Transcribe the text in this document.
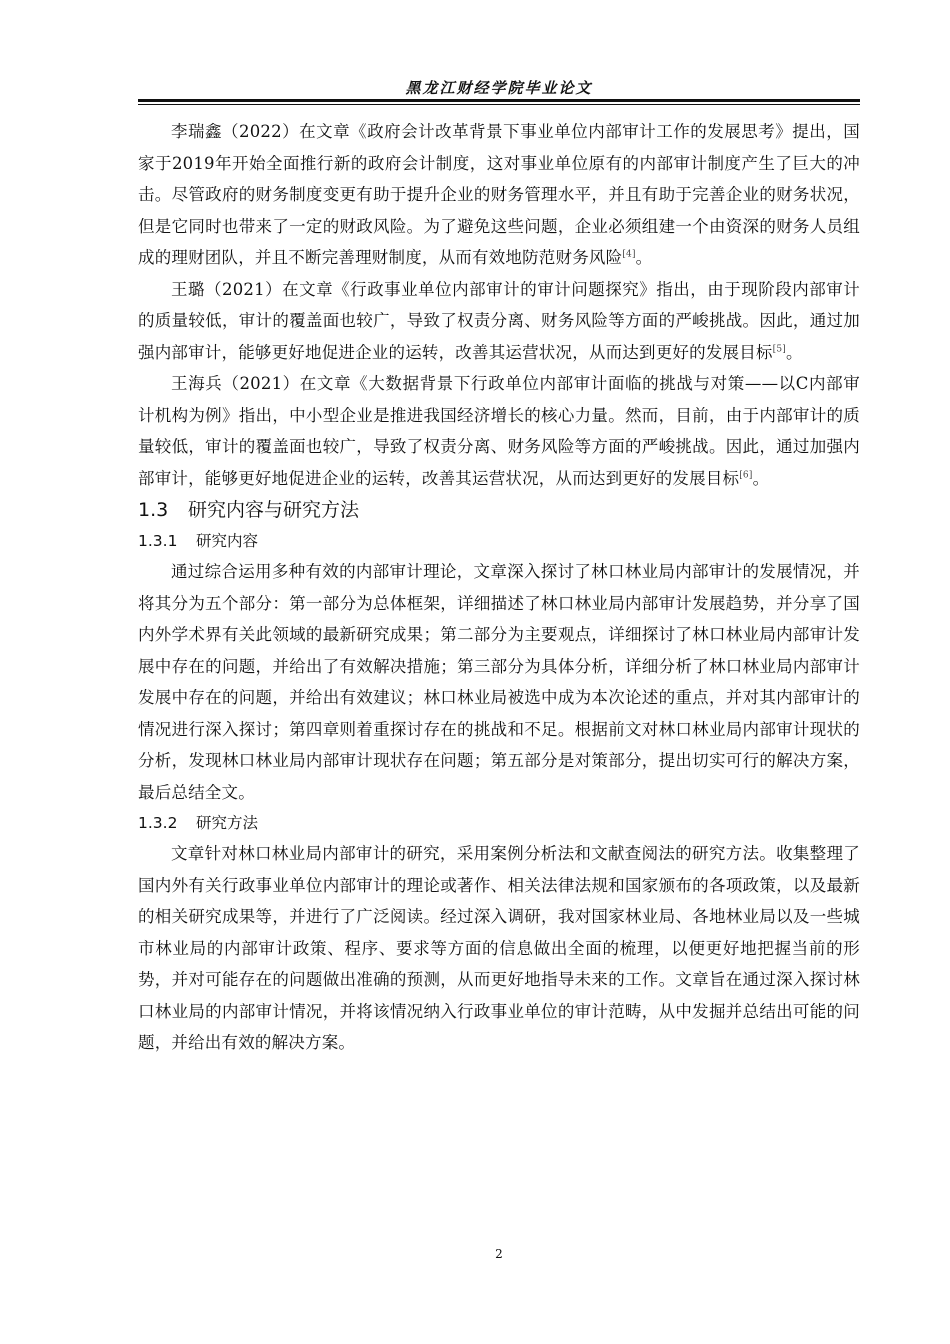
黑龙江财经学院毕业论文

李瑞鑫（2022）在文章《政府会计改革背景下事业单位内部审计工作的发展思考》提出，国家于2019年开始全面推行新的政府会计制度，这对事业单位原有的内部审计制度产生了巨大的冲击。尽管政府的财务制度变更有助于提升企业的财务管理水平，并且有助于完善企业的财务状况，但是它同时也带来了一定的财政风险。为了避免这些问题，企业必须组建一个由资深的财务人员组成的理财团队，并且不断完善理财制度，从而有效地防范财务风险[4]。

王璐（2021）在文章《行政事业单位内部审计的审计问题探究》指出，由于现阶段内部审计的质量较低，审计的覆盖面也较广，导致了权责分离、财务风险等方面的严峻挑战。因此，通过加强内部审计，能够更好地促进企业的运转，改善其运营状况，从而达到更好的发展目标[5]。

王海兵（2021）在文章《大数据背景下行政单位内部审计面临的挑战与对策——以C内部审计机构为例》指出，中小型企业是推进我国经济增长的核心力量。然而，目前，由于内部审计的质量较低，审计的覆盖面也较广，导致了权责分离、财务风险等方面的严峻挑战。因此，通过加强内部审计，能够更好地促进企业的运转，改善其运营状况，从而达到更好的发展目标[6]。

1.3 研究内容与研究方法
1.3.1 研究内容

通过综合运用多种有效的内部审计理论，文章深入探讨了林口林业局内部审计的发展情况，并将其分为五个部分：第一部分为总体框架，详细描述了林口林业局内部审计发展趋势，并分享了国内外学术界有关此领域的最新研究成果；第二部分为主要观点，详细探讨了林口林业局内部审计发展中存在的问题，并给出了有效解决措施；第三部分为具体分析，详细分析了林口林业局内部审计发展中存在的问题，并给出有效建议；林口林业局被选中成为本次论述的重点，并对其内部审计的情况进行深入探讨；第四章则着重探讨存在的挑战和不足。根据前文对林口林业局内部审计现状的分析，发现林口林业局内部审计现状存在问题；第五部分是对策部分，提出切实可行的解决方案，最后总结全文。

1.3.2 研究方法

文章针对林口林业局内部审计的研究，采用案例分析法和文献查阅法的研究方法。收集整理了国内外有关行政事业单位内部审计的理论或著作、相关法律法规和国家颁布的各项政策，以及最新的相关研究成果等，并进行了广泛阅读。经过深入调研，我对国家林业局、各地林业局以及一些城市林业局的内部审计政策、程序、要求等方面的信息做出全面的梳理，以便更好地把握当前的形势，并对可能存在的问题做出准确的预测，从而更好地指导未来的工作。文章旨在通过深入探讨林口林业局的内部审计情况，并将该情况纳入行政事业单位的审计范畴，从中发掘并总结出可能的问题，并给出有效的解决方案。

2
